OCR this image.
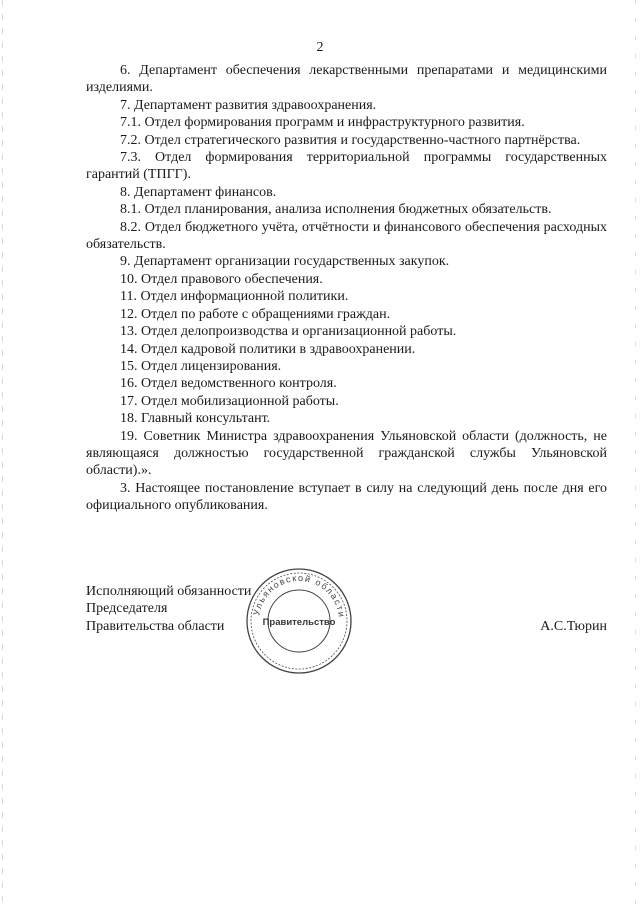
2

6. Департамент обеспечения лекарственными препаратами и медицинскими изделиями.

7. Департамент развития здравоохранения.

7.1. Отдел формирования программ и инфраструктурного развития.

7.2. Отдел стратегического развития и государственно-частного партнёрства.

7.3. Отдел формирования территориальной программы государственных гарантий (ТПГГ).

8. Департамент финансов.

8.1. Отдел планирования, анализа исполнения бюджетных обязательств.

8.2. Отдел бюджетного учёта, отчётности и финансового обеспечения расходных обязательств.

9. Департамент организации государственных закупок.

10. Отдел правового обеспечения.

11. Отдел информационной политики.

12. Отдел по работе с обращениями граждан.

13. Отдел делопроизводства и организационной работы.

14. Отдел кадровой политики в здравоохранении.

15. Отдел лицензирования.

16. Отдел ведомственного контроля.

17. Отдел мобилизационной работы.

18. Главный консультант.

19. Советник Министра здравоохранения Ульяновской области (должность, не являющаяся должностью государственной гражданской службы Ульяновской области).».

3. Настоящее постановление вступает в силу на следующий день после дня его официального опубликования.

Исполняющий обязанности
Председателя
Правительства области	А.С.Тюрин
Ульяновской области
Правительство
